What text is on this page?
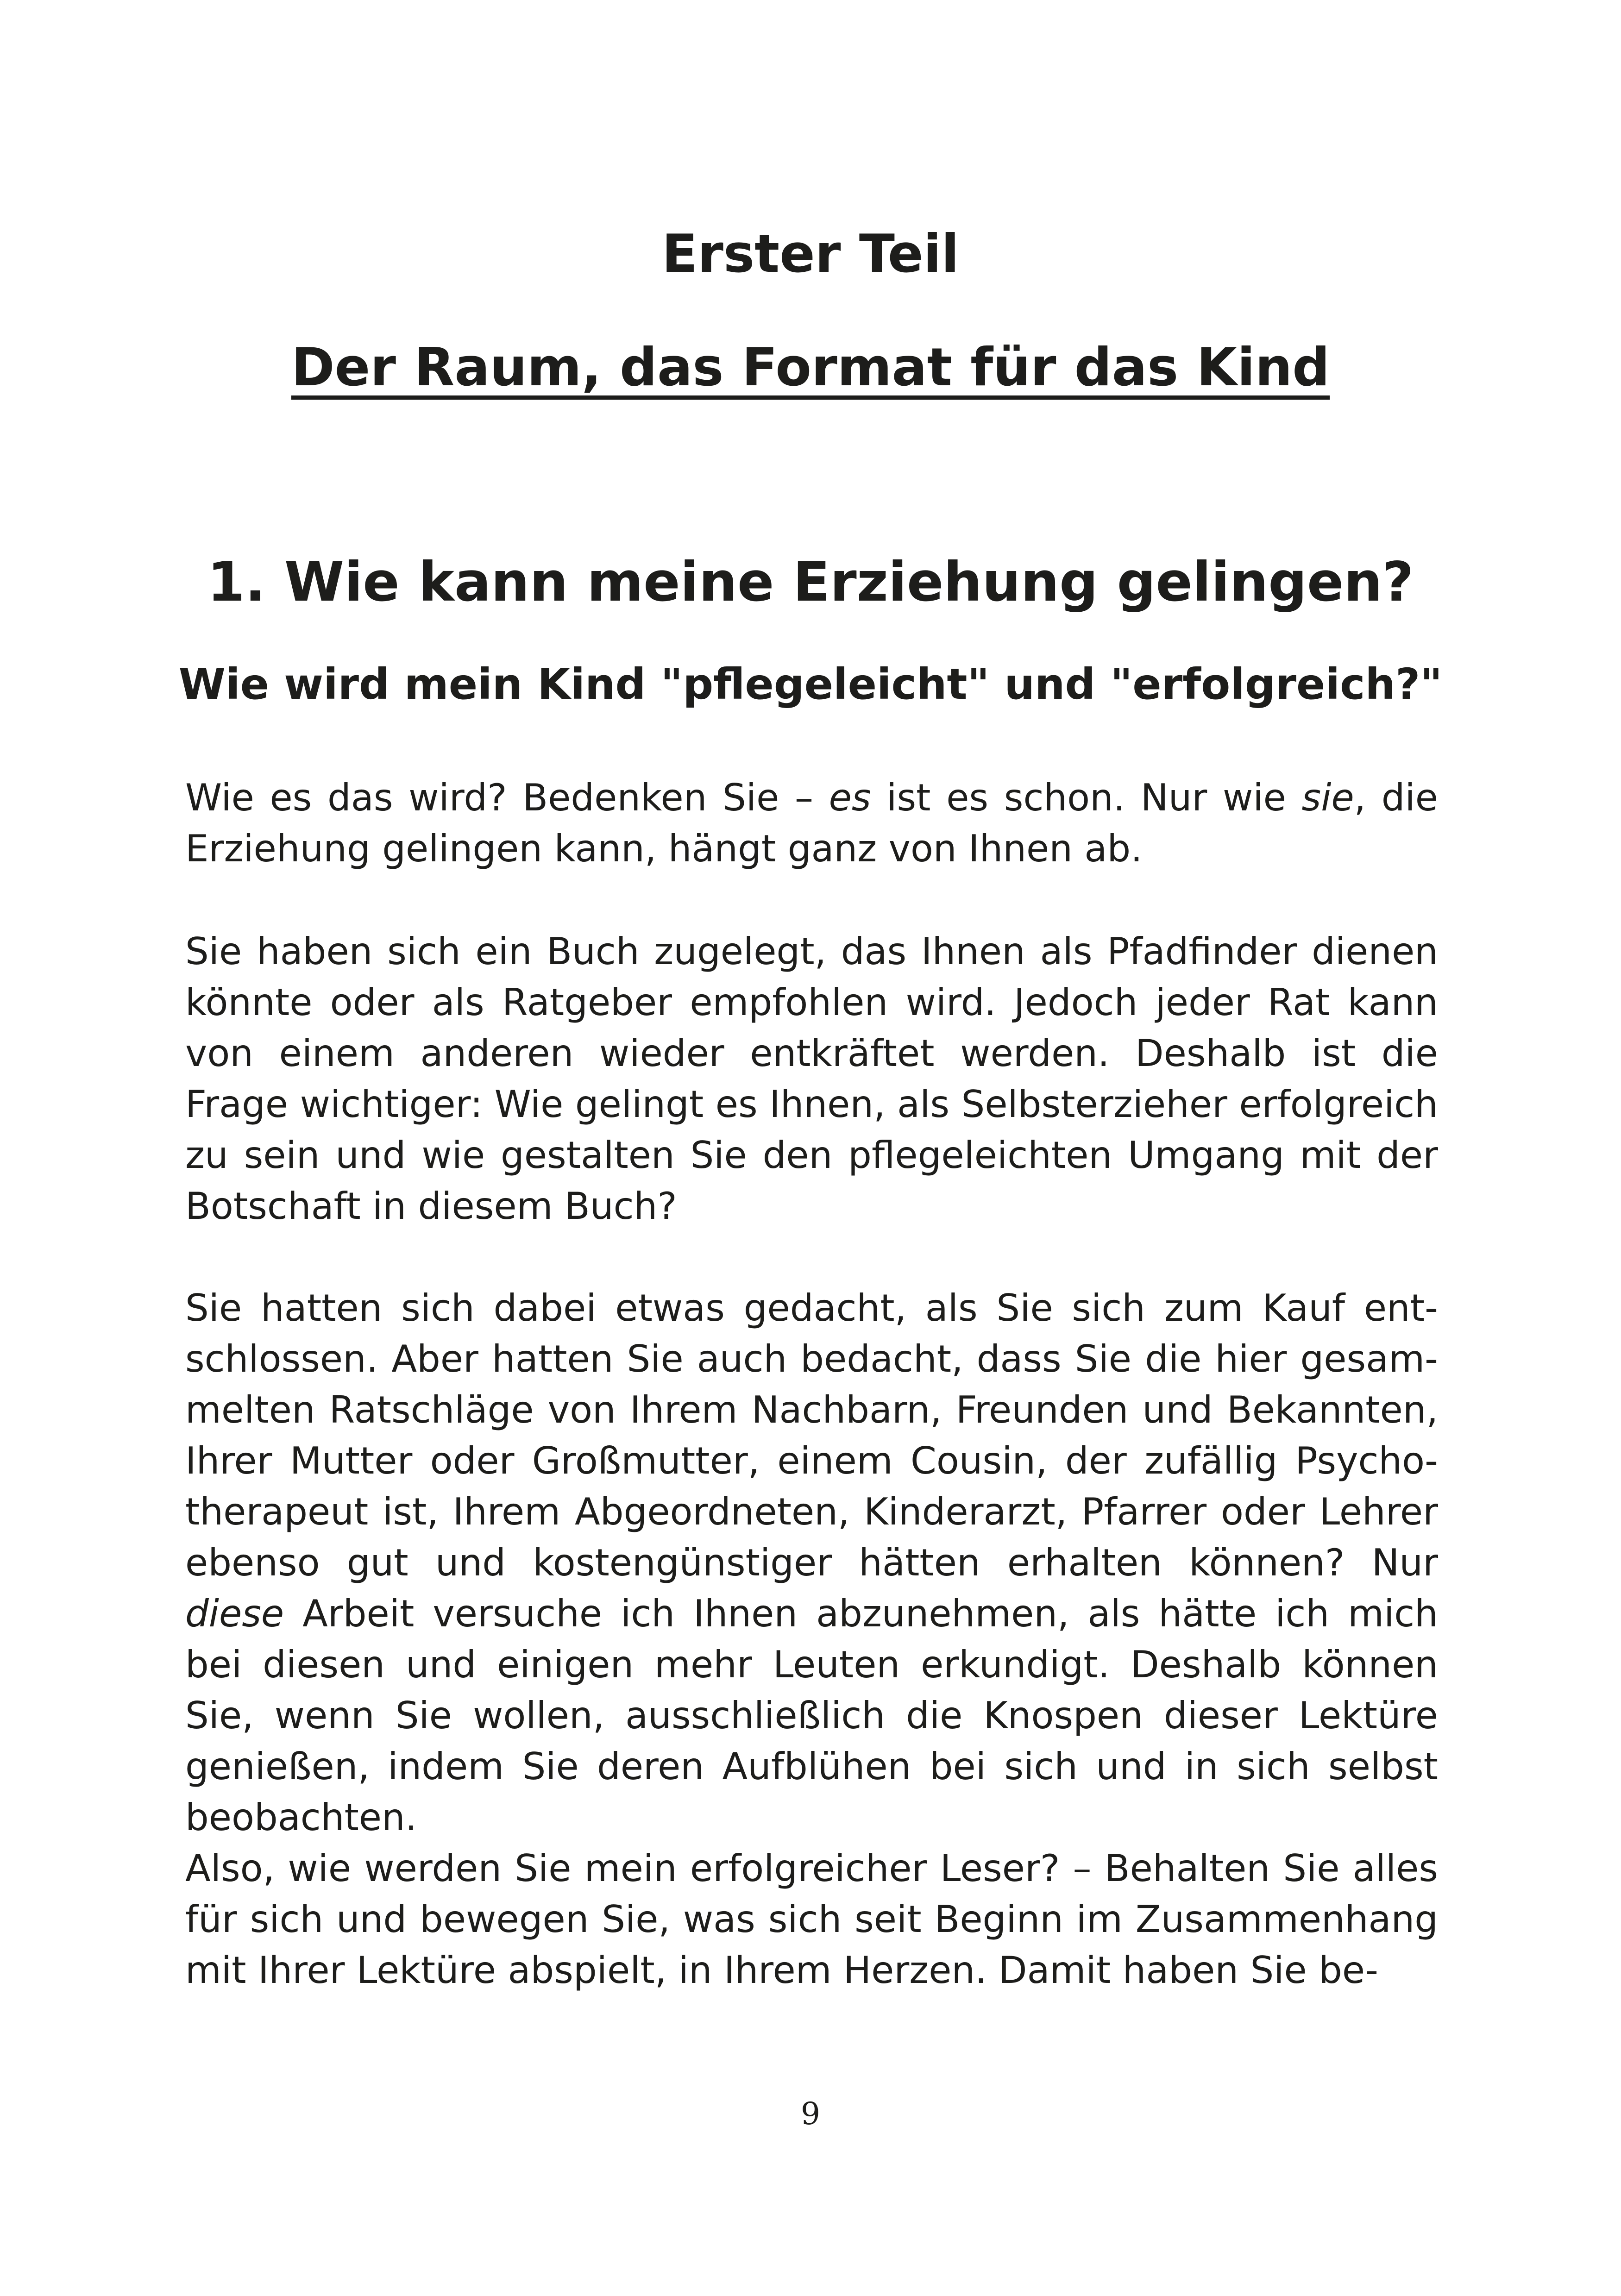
Erster Teil
Der Raum, das Format für das Kind
1. Wie kann meine Erziehung gelingen?
Wie wird mein Kind "pflegeleicht" und "erfolgreich?"

Wie es das wird? Bedenken Sie – es ist es schon. Nur wie sie, die Erziehung gelingen kann, hängt ganz von Ihnen ab.

Sie haben sich ein Buch zugelegt, das Ihnen als Pfadfinder dienen könnte oder als Ratgeber empfohlen wird. Jedoch jeder Rat kann von einem anderen wieder entkräftet werden. Deshalb ist die Frage wichtiger: Wie gelingt es Ihnen, als Selbsterzieher erfolgreich zu sein und wie gestalten Sie den pflegeleichten Umgang mit der Botschaft in diesem Buch?

Sie hatten sich dabei etwas gedacht, als Sie sich zum Kauf entschlossen. Aber hatten Sie auch bedacht, dass Sie die hier gesammelten Ratschläge von Ihrem Nachbarn, Freunden und Bekannten, Ihrer Mutter oder Großmutter, einem Cousin, der zufällig Psychotherapeut ist, Ihrem Abgeordneten, Kinderarzt, Pfarrer oder Lehrer ebenso gut und kostengünstiger hätten erhalten können? Nur diese Arbeit versuche ich Ihnen abzunehmen, als hätte ich mich bei diesen und einigen mehr Leuten erkundigt. Deshalb können Sie, wenn Sie wollen, ausschließlich die Knospen dieser Lektüre genießen, indem Sie deren Aufblühen bei sich und in sich selbst beobachten.
Also, wie werden Sie mein erfolgreicher Leser? – Behalten Sie alles für sich und bewegen Sie, was sich seit Beginn im Zusammenhang mit Ihrer Lektüre abspielt, in Ihrem Herzen. Damit haben Sie be-

9
